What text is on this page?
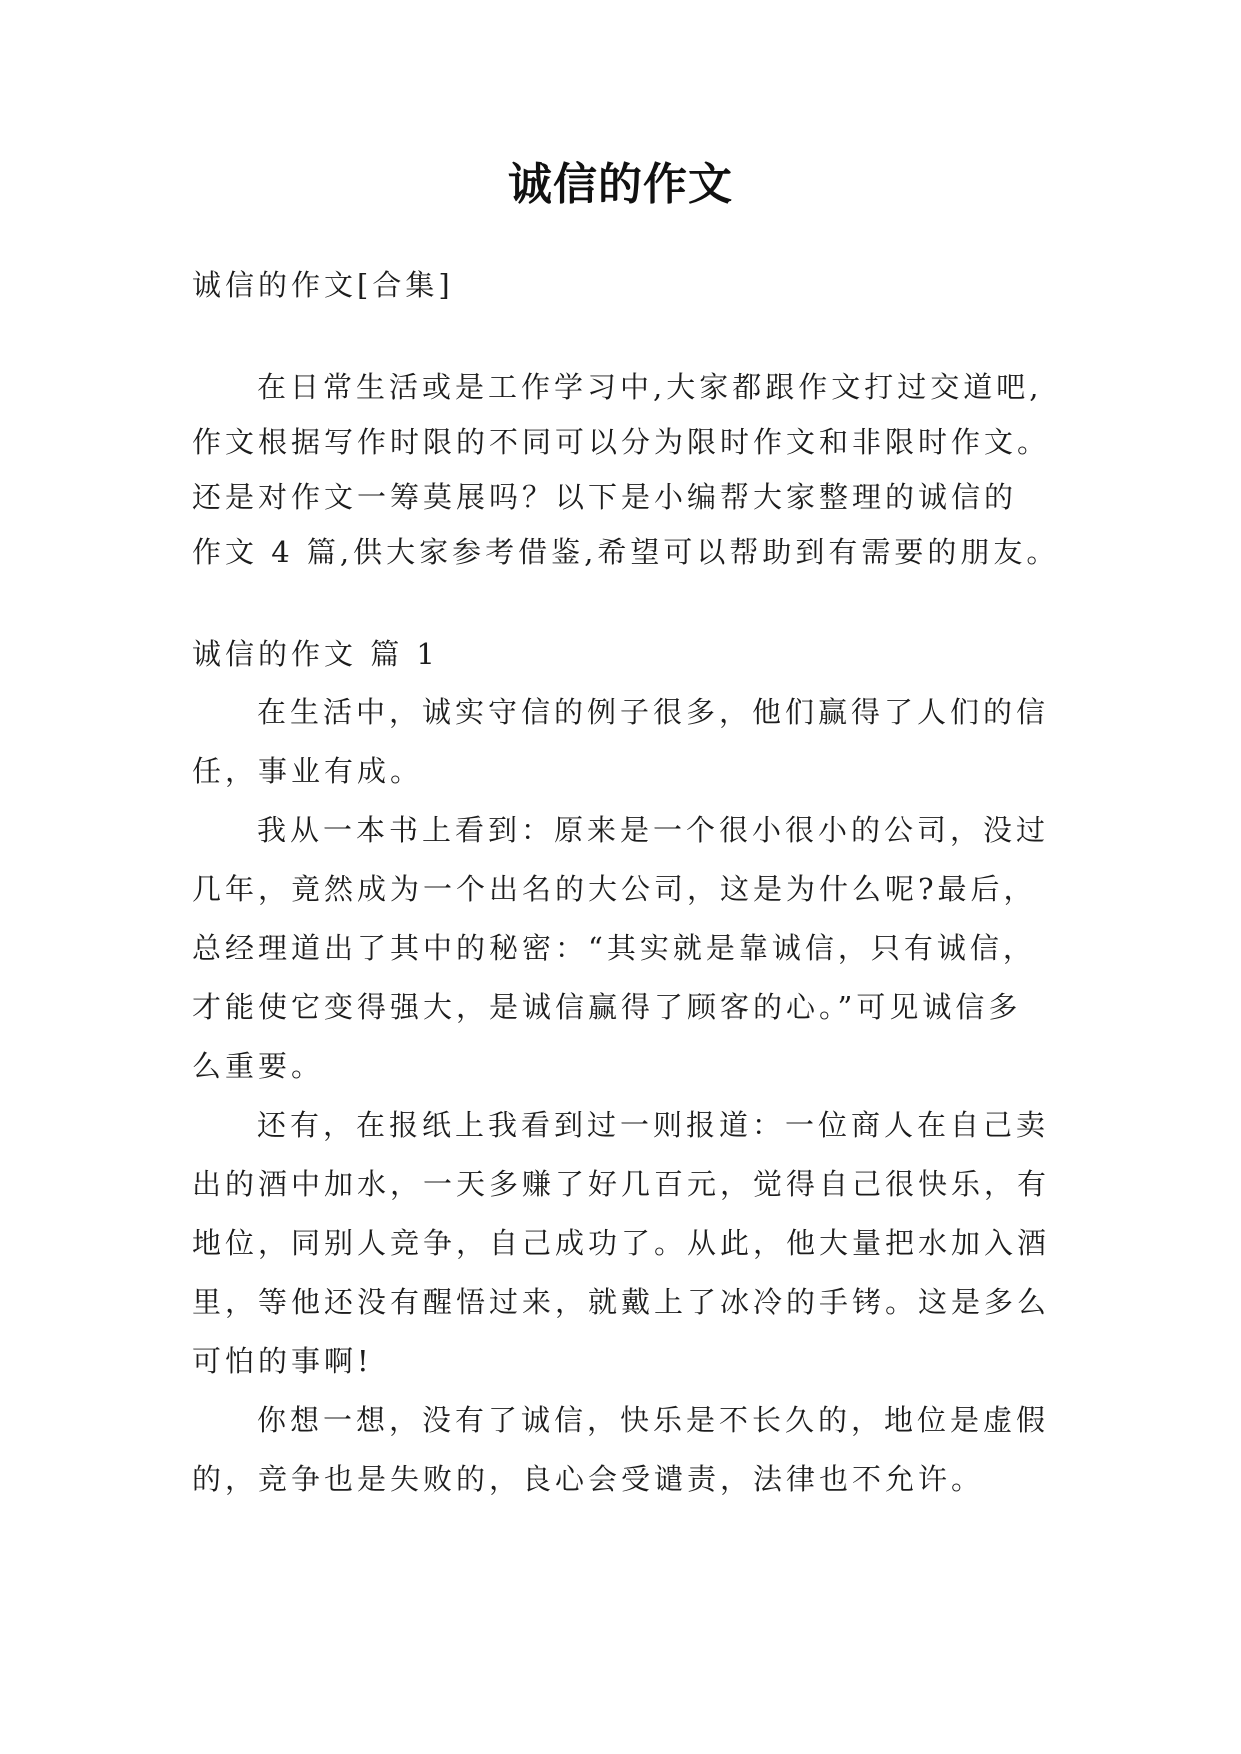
诚信的作文
诚信的作文[合集]
在日常生活或是工作学习中,大家都跟作文打过交道吧,
作文根据写作时限的不同可以分为限时作文和非限时作文。
还是对作文一筹莫展吗？以下是小编帮大家整理的诚信的
作文 4 篇,供大家参考借鉴,希望可以帮助到有需要的朋友。
诚信的作文 篇 1
在生活中，诚实守信的例子很多，他们赢得了人们的信
任，事业有成。
我从一本书上看到：原来是一个很小很小的公司，没过
几年，竟然成为一个出名的大公司，这是为什么呢?最后，
总经理道出了其中的秘密：“其实就是靠诚信，只有诚信，
才能使它变得强大，是诚信赢得了顾客的心。”可见诚信多
么重要。
还有，在报纸上我看到过一则报道：一位商人在自己卖
出的酒中加水，一天多赚了好几百元，觉得自己很快乐，有
地位，同别人竞争，自己成功了。从此，他大量把水加入酒
里，等他还没有醒悟过来，就戴上了冰冷的手铐。这是多么
可怕的事啊!
你想一想，没有了诚信，快乐是不长久的，地位是虚假
的，竞争也是失败的，良心会受谴责，法律也不允许。
